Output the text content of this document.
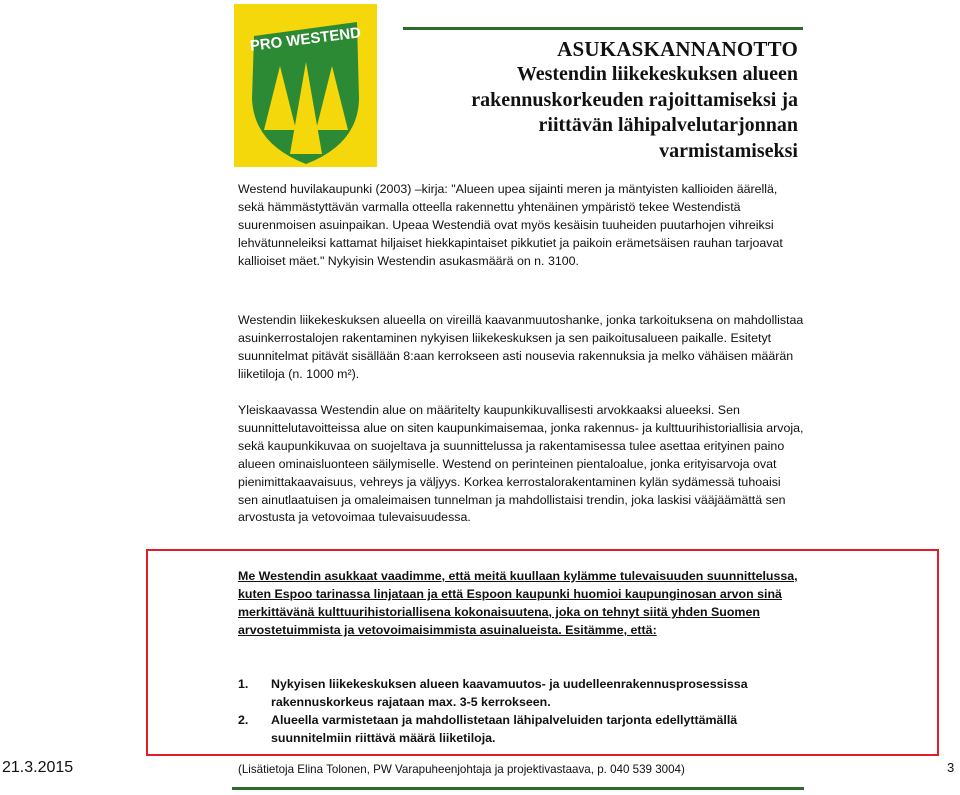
PRO WESTEND	ASUKASKANNANOTTO
Westendin liikekeskuksen alueen
rakennuskorkeuden rajoittamiseksi ja
riittävän lähipalvelutarjonnan
varmistamiseksi
Westend huvilakaupunki (2003) –kirja: "Alueen upea sijainti meren ja mäntyisten kallioiden äärellä, sekä hämmästyttävän varmalla otteella rakennettu yhtenäinen ympäristö tekee Westendistä suurenmoisen asuinpaikan. Upeaa Westendiä ovat myös kesäisin tuuheiden puutarhojen vihreiksi lehvätunneleiksi kattamat hiljaiset hiekkapintaiset pikkutiet ja paikoin erämetsäisen rauhan tarjoavat kallioiset mäet." Nykyisin Westendin asukasmäärä on n. 3100.
Westendin liikekeskuksen alueella on vireillä kaavanmuutoshanke, jonka tarkoituksena on mahdollistaa asuinkerrostalojen rakentaminen nykyisen liikekeskuksen ja sen paikoitusalueen paikalle. Esitetyt suunnitelmat pitävät sisällään 8:aan kerrokseen asti nousevia rakennuksia ja melko vähäisen määrän liiketiloja (n. 1000 m²).
Yleiskaavassa Westendin alue on määritelty kaupunkikuvallisesti arvokkaaksi alueeksi. Sen suunnittelutavoitteissa alue on siten kaupunkimaisemaa, jonka rakennus- ja kulttuurihistoriallisia arvoja, sekä kaupunkikuvaa on suojeltava ja suunnittelussa ja rakentamisessa tulee asettaa erityinen paino alueen ominaisluonteen säilymiselle. Westend on perinteinen pientaloalue, jonka erityisarvoja ovat pienimittakaavaisuus, vehreys ja väljyys. Korkea kerrostalorakentaminen kylän sydämessä tuhoaisi sen ainutlaatuisen ja omaleimaisen tunnelman ja mahdollistaisi trendin, joka laskisi vääjäämättä sen arvostusta ja vetovoimaa tulevaisuudessa.
Me Westendin asukkaat vaadimme, että meitä kuullaan kylämme tulevaisuuden suunnittelussa, kuten Espoo tarinassa linjataan ja että Espoon kaupunki huomioi kaupunginosan arvon sinä merkittävänä kulttuurihistoriallisena kokonaisuutena, joka on tehnyt siitä yhden Suomen arvostetuimmista ja vetovoimaisimmista asuinalueista. Esitämme, että:
1.	Nykyisen liikekeskuksen alueen kaavamuutos- ja uudelleenrakennusprosessissa rakennuskorkeus rajataan max. 3-5 kerrokseen.
2.	Alueella varmistetaan ja mahdollistetaan lähipalveluiden tarjonta edellyttämällä suunnitelmiin riittävä määrä liiketiloja.
(Lisätietoja Elina Tolonen, PW Varapuheenjohtaja ja projektivastaava, p. 040 539 3004)
21.3.2015	3
